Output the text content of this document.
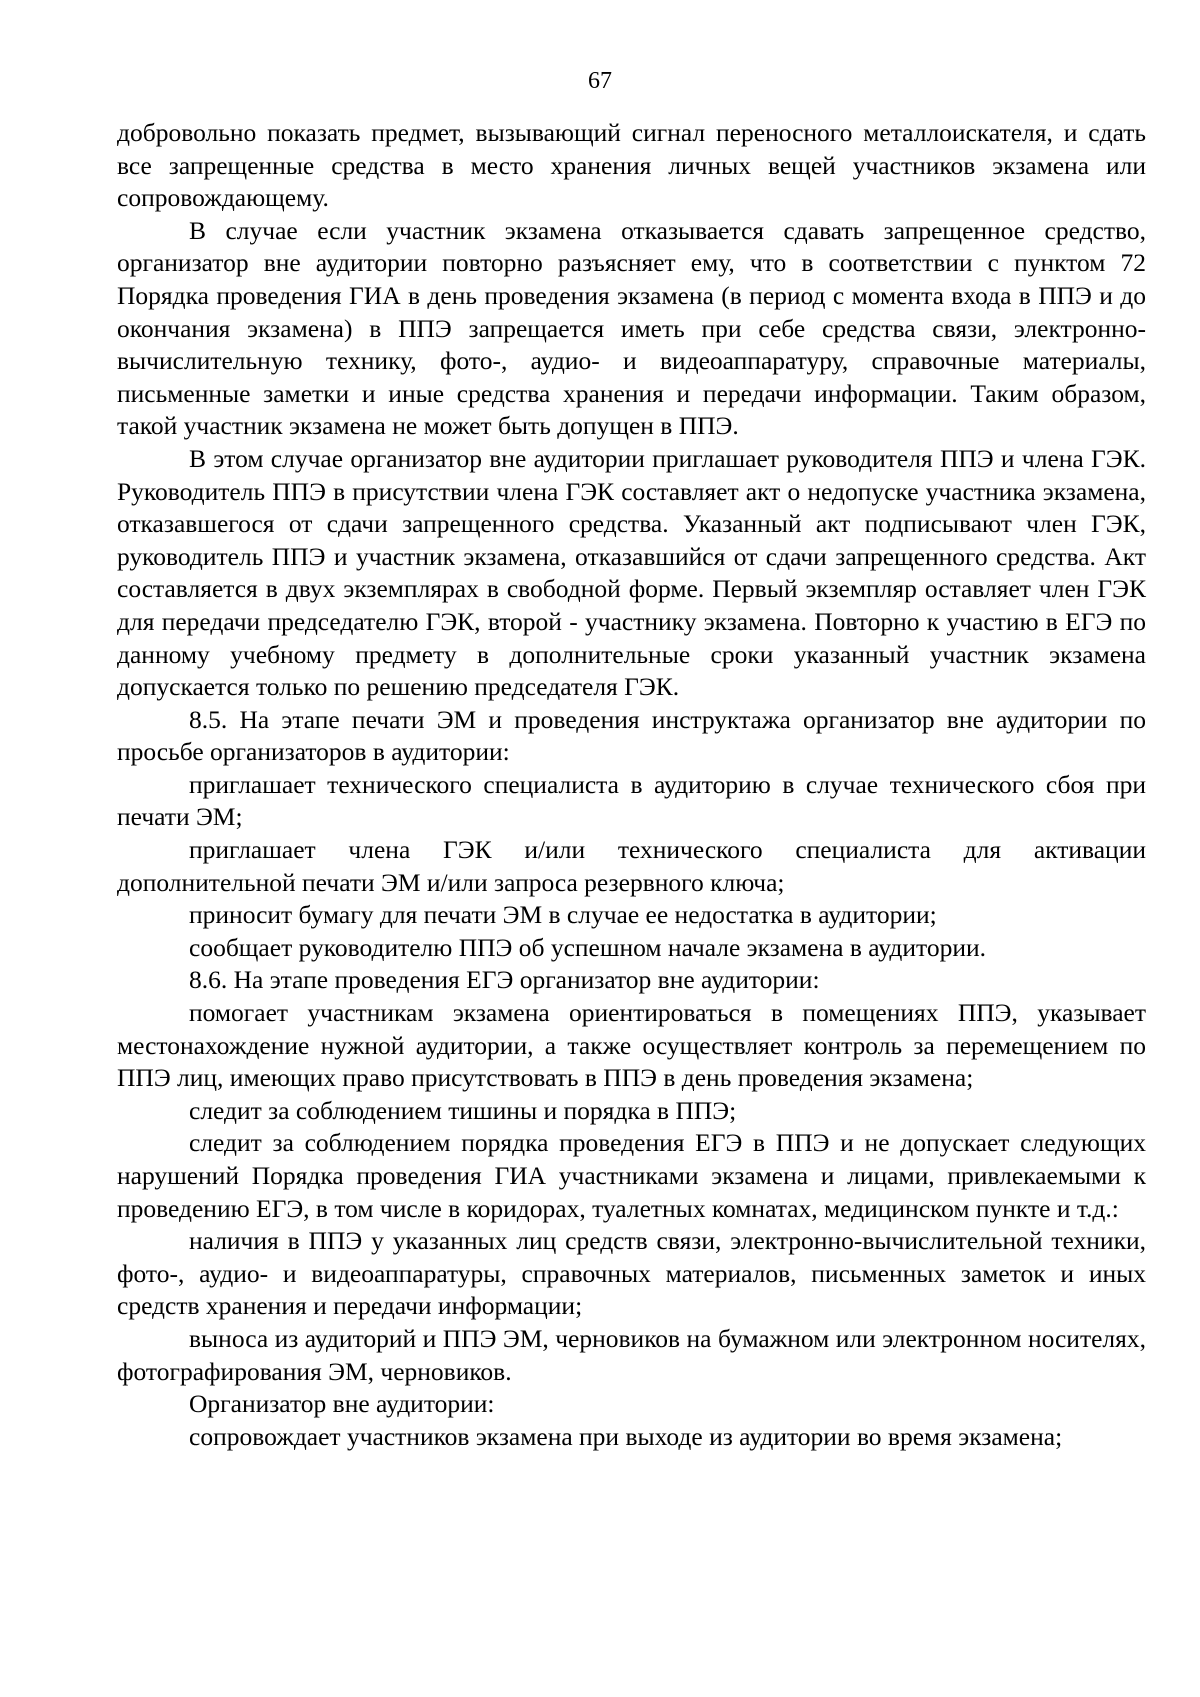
67

добровольно показать предмет, вызывающий сигнал переносного металлоискателя, и сдать все запрещенные средства в место хранения личных вещей участников экзамена или сопровождающему.

В случае если участник экзамена отказывается сдавать запрещенное средство, организатор вне аудитории повторно разъясняет ему, что в соответствии с пунктом 72 Порядка проведения ГИА в день проведения экзамена (в период с момента входа в ППЭ и до окончания экзамена) в ППЭ запрещается иметь при себе средства связи, электронно-вычислительную технику, фото-, аудио- и видеоаппаратуру, справочные материалы, письменные заметки и иные средства хранения и передачи информации. Таким образом, такой участник экзамена не может быть допущен в ППЭ.

В этом случае организатор вне аудитории приглашает руководителя ППЭ и члена ГЭК. Руководитель ППЭ в присутствии члена ГЭК составляет акт о недопуске участника экзамена, отказавшегося от сдачи запрещенного средства. Указанный акт подписывают член ГЭК, руководитель ППЭ и участник экзамена, отказавшийся от сдачи запрещенного средства. Акт составляется в двух экземплярах в свободной форме. Первый экземпляр оставляет член ГЭК для передачи председателю ГЭК, второй - участнику экзамена. Повторно к участию в ЕГЭ по данному учебному предмету в дополнительные сроки указанный участник экзамена допускается только по решению председателя ГЭК.

8.5. На этапе печати ЭМ и проведения инструктажа организатор вне аудитории по просьбе организаторов в аудитории:

приглашает технического специалиста в аудиторию в случае технического сбоя при печати ЭМ;

приглашает члена ГЭК и/или технического специалиста для активации дополнительной печати ЭМ и/или запроса резервного ключа;

приносит бумагу для печати ЭМ в случае ее недостатка в аудитории;

сообщает руководителю ППЭ об успешном начале экзамена в аудитории.

8.6. На этапе проведения ЕГЭ организатор вне аудитории:

помогает участникам экзамена ориентироваться в помещениях ППЭ, указывает местонахождение нужной аудитории, а также осуществляет контроль за перемещением по ППЭ лиц, имеющих право присутствовать в ППЭ в день проведения экзамена;

следит за соблюдением тишины и порядка в ППЭ;

следит за соблюдением порядка проведения ЕГЭ в ППЭ и не допускает следующих нарушений Порядка проведения ГИА участниками экзамена и лицами, привлекаемыми к проведению ЕГЭ, в том числе в коридорах, туалетных комнатах, медицинском пункте и т.д.:

наличия в ППЭ у указанных лиц средств связи, электронно-вычислительной техники, фото-, аудио- и видеоаппаратуры, справочных материалов, письменных заметок и иных средств хранения и передачи информации;

выноса из аудиторий и ППЭ ЭМ, черновиков на бумажном или электронном носителях, фотографирования ЭМ, черновиков.

Организатор вне аудитории:

сопровождает участников экзамена при выходе из аудитории во время экзамена;
